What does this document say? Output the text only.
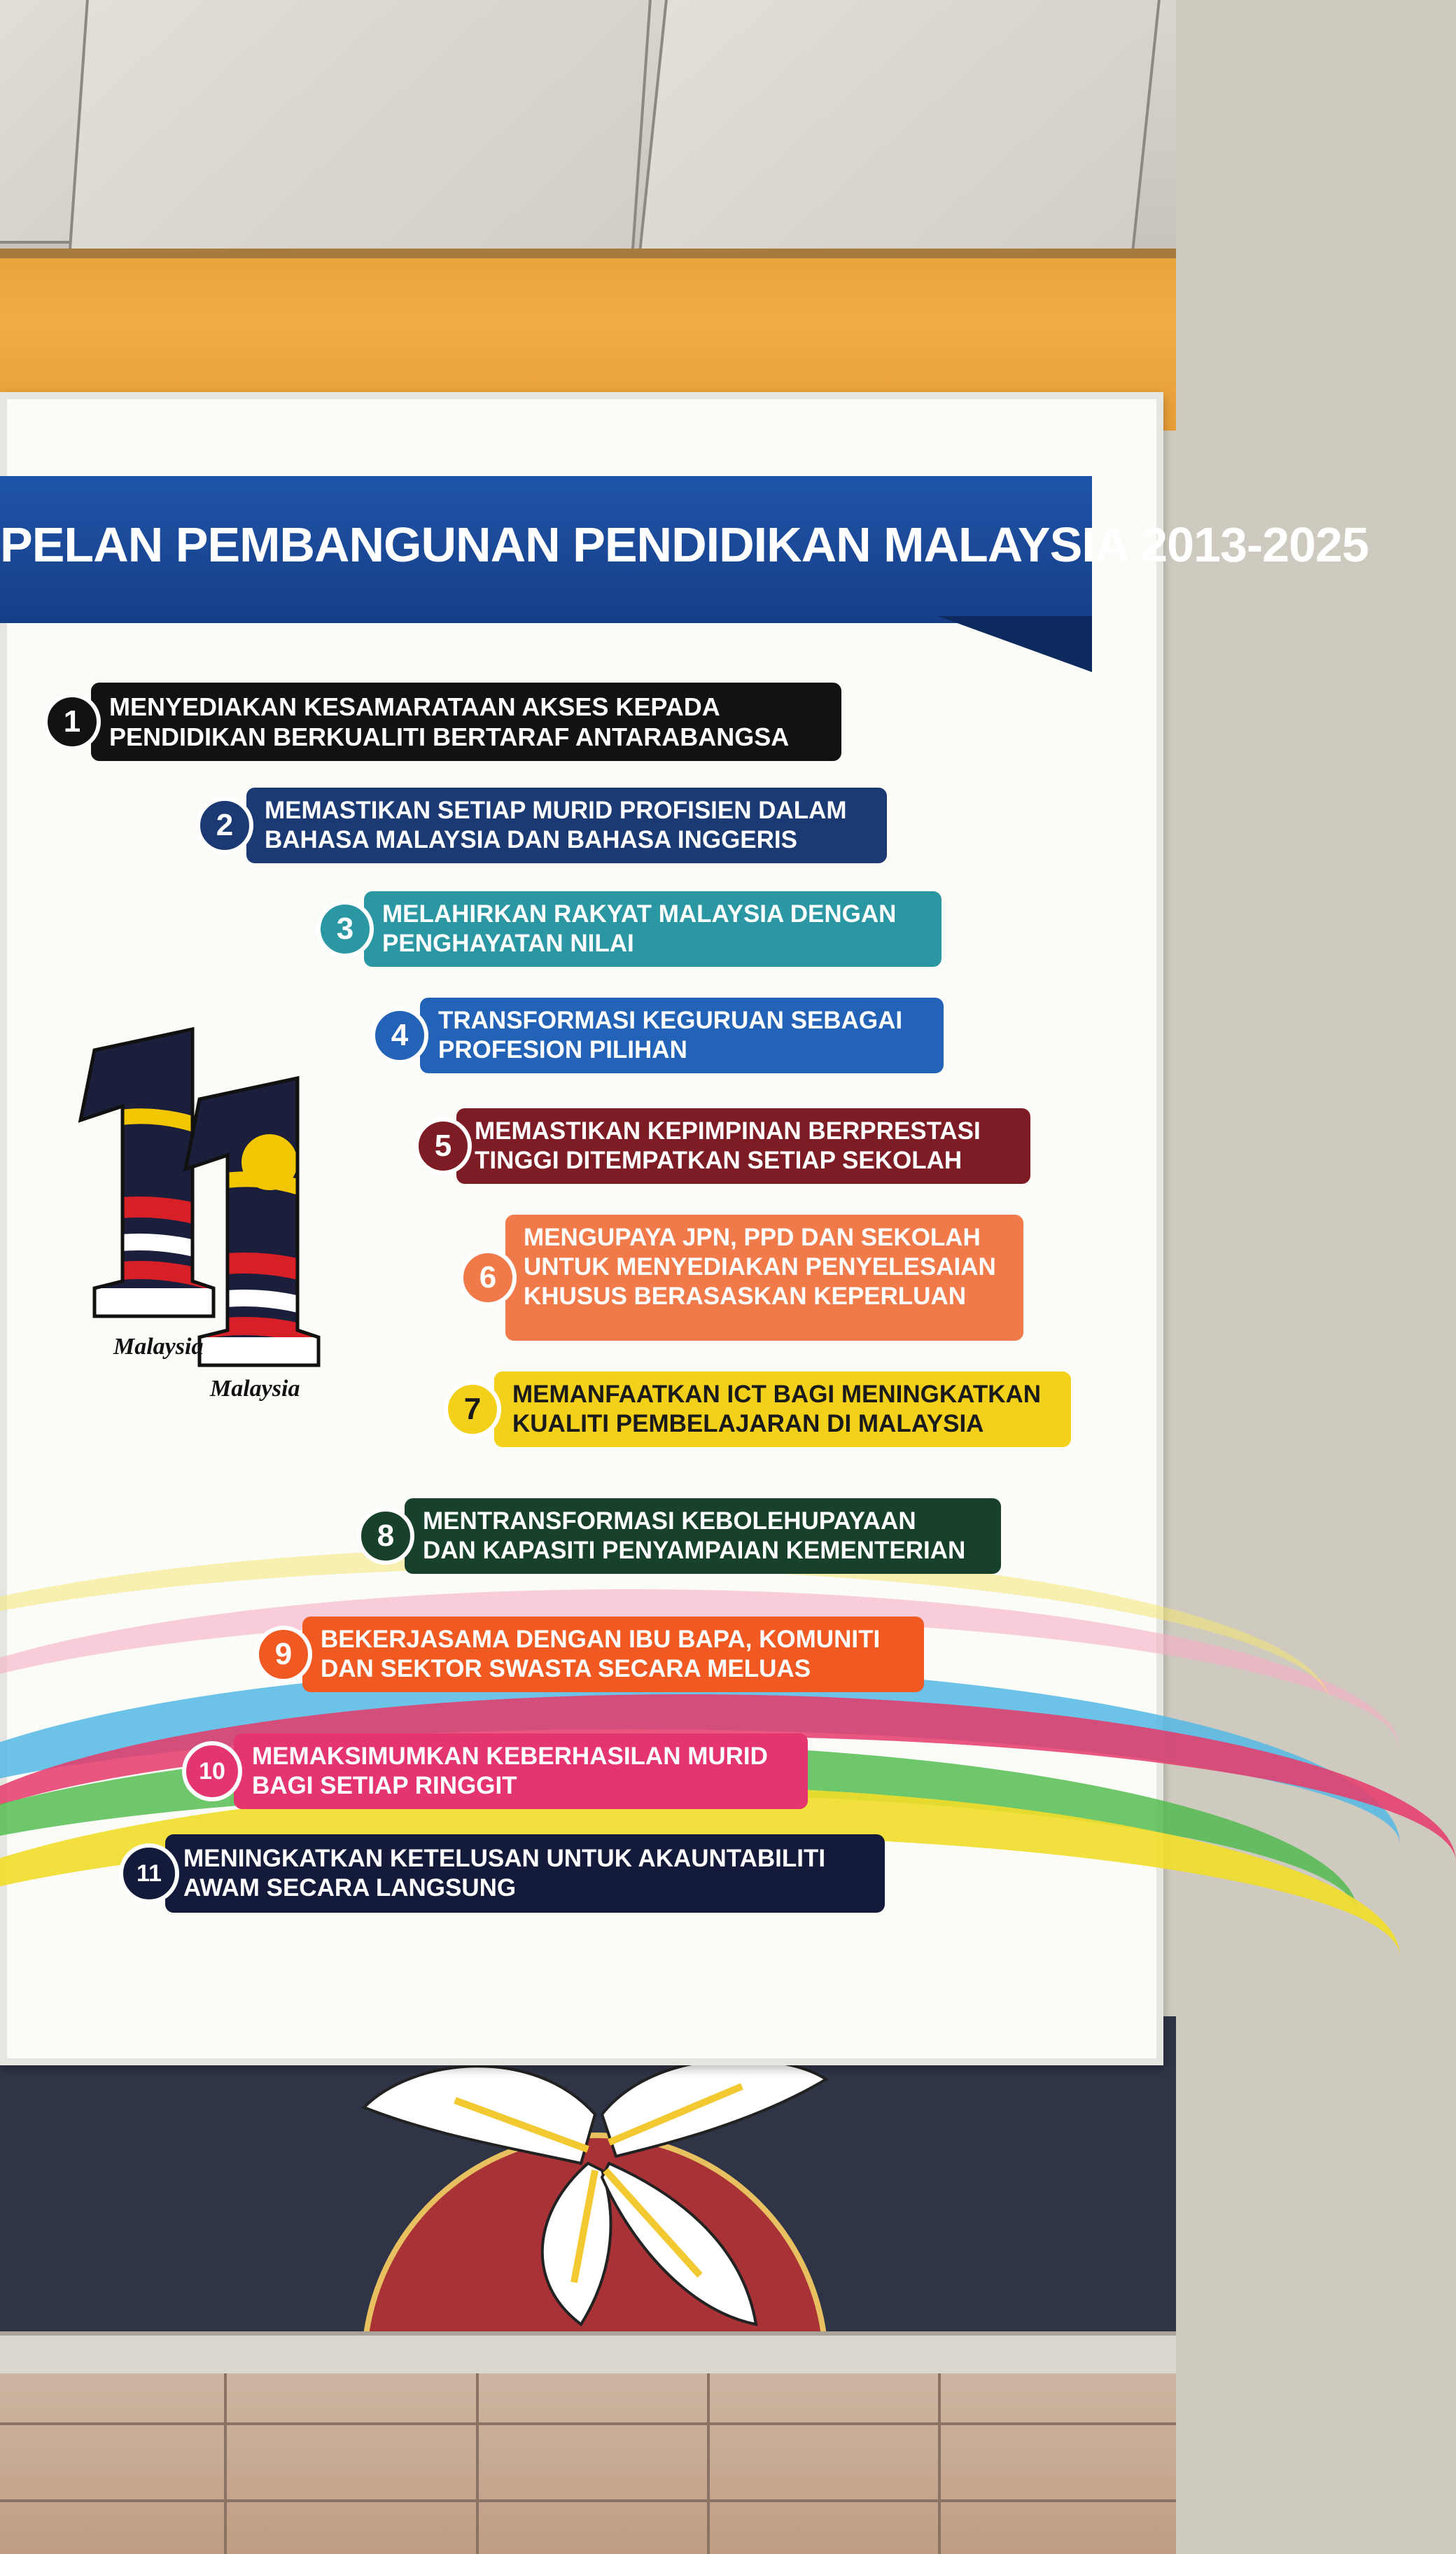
PELAN PEMBANGUNAN PENDIDIKAN MALAYSIA 2013-2025
Malaysia
Malaysia
MENYEDIAKAN KESAMARATAAN AKSES KEPADA
PENDIDIKAN BERKUALITI BERTARAF ANTARABANGSA
1
MEMASTIKAN SETIAP MURID PROFISIEN DALAM
BAHASA MALAYSIA DAN BAHASA INGGERIS
2
MELAHIRKAN RAKYAT MALAYSIA DENGAN
PENGHAYATAN NILAI
3
TRANSFORMASI KEGURUAN SEBAGAI
PROFESION PILIHAN
4
MEMASTIKAN KEPIMPINAN BERPRESTASI
TINGGI DITEMPATKAN SETIAP SEKOLAH
5
MENGUPAYA JPN, PPD DAN SEKOLAH
UNTUK MENYEDIAKAN PENYELESAIAN
KHUSUS BERASASKAN KEPERLUAN
6
MEMANFAATKAN ICT BAGI MENINGKATKAN
KUALITI PEMBELAJARAN DI MALAYSIA
7
MENTRANSFORMASI KEBOLEHUPAYAAN
DAN KAPASITI PENYAMPAIAN KEMENTERIAN
8
BEKERJASAMA DENGAN IBU BAPA, KOMUNITI
DAN SEKTOR SWASTA SECARA MELUAS
9
MEMAKSIMUMKAN KEBERHASILAN MURID
BAGI SETIAP RINGGIT
10
MENINGKATKAN KETELUSAN UNTUK AKAUNTABILITI
AWAM SECARA LANGSUNG
11
